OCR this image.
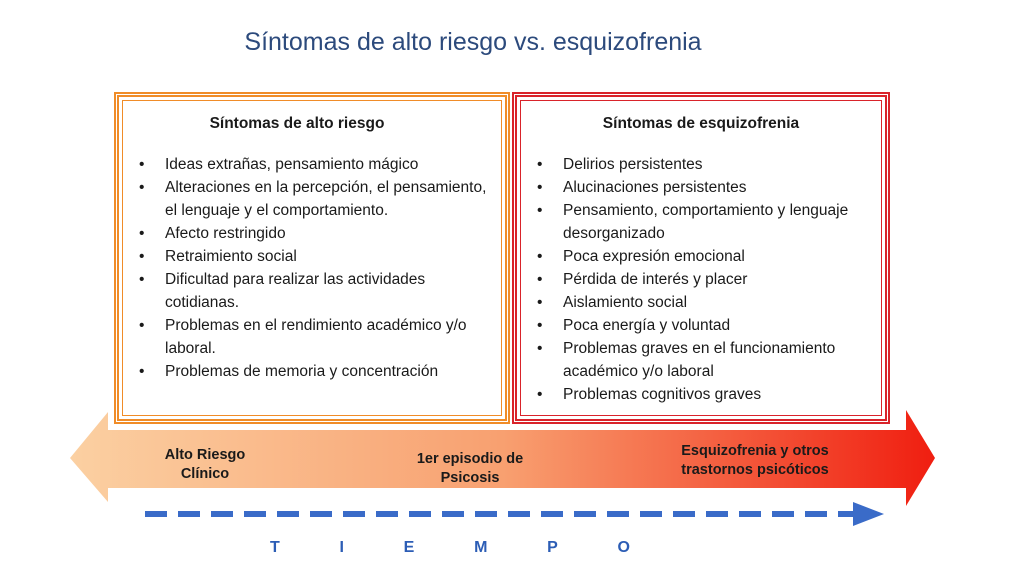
Síntomas de alto riesgo vs. esquizofrenia
Síntomas de alto riesgo
• Ideas extrañas, pensamiento mágico
• Alteraciones en la percepción, el pensamiento, el lenguaje y el comportamiento.
• Afecto restringido
• Retraimiento social
• Dificultad para realizar las actividades cotidianas.
• Problemas en el rendimiento académico y/o laboral.
• Problemas de memoria y concentración
Síntomas de esquizofrenia
• Delirios persistentes
• Alucinaciones persistentes
• Pensamiento, comportamiento y lenguaje desorganizado
• Poca expresión emocional
• Pérdida de interés y placer
• Aislamiento social
• Poca energía y voluntad
• Problemas graves en el funcionamiento académico y/o laboral
• Problemas cognitivos graves
Alto Riesgo Clínico
1er episodio de Psicosis
Esquizofrenia y otros trastornos psicóticos
T	I	E	M	P	O
